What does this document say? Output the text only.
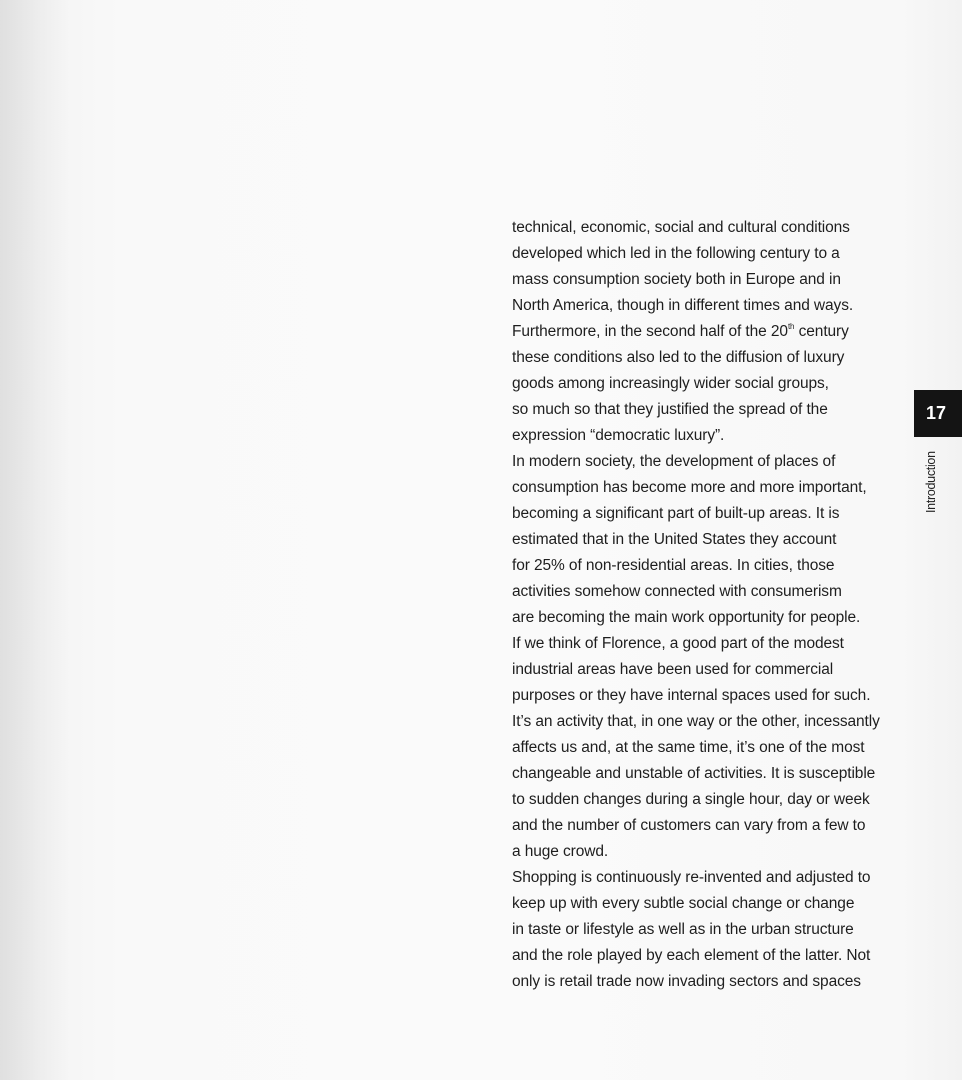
technical, economic, social and cultural conditions
developed which led in the following century to a
mass consumption society both in Europe and in
North America, though in different times and ways.
Furthermore, in the second half of the 20th century
these conditions also led to the diffusion of luxury
goods among increasingly wider social groups,
so much so that they justified the spread of the
expression “democratic luxury”.
In modern society, the development of places of
consumption has become more and more important,
becoming a significant part of built-up areas. It is
estimated that in the United States they account
for 25% of non-residential areas. In cities, those
activities somehow connected with consumerism
are becoming the main work opportunity for people.
If we think of Florence, a good part of the modest
industrial areas have been used for commercial
purposes or they have internal spaces used for such.
It’s an activity that, in one way or the other, incessantly
affects us and, at the same time, it’s one of the most
changeable and unstable of activities. It is susceptible
to sudden changes during a single hour, day or week
and the number of customers can vary from a few to
a huge crowd.
Shopping is continuously re-invented and adjusted to
keep up with every subtle social change or change
in taste or lifestyle as well as in the urban structure
and the role played by each element of the latter. Not
only is retail trade now invading sectors and spaces
17
Introduction
